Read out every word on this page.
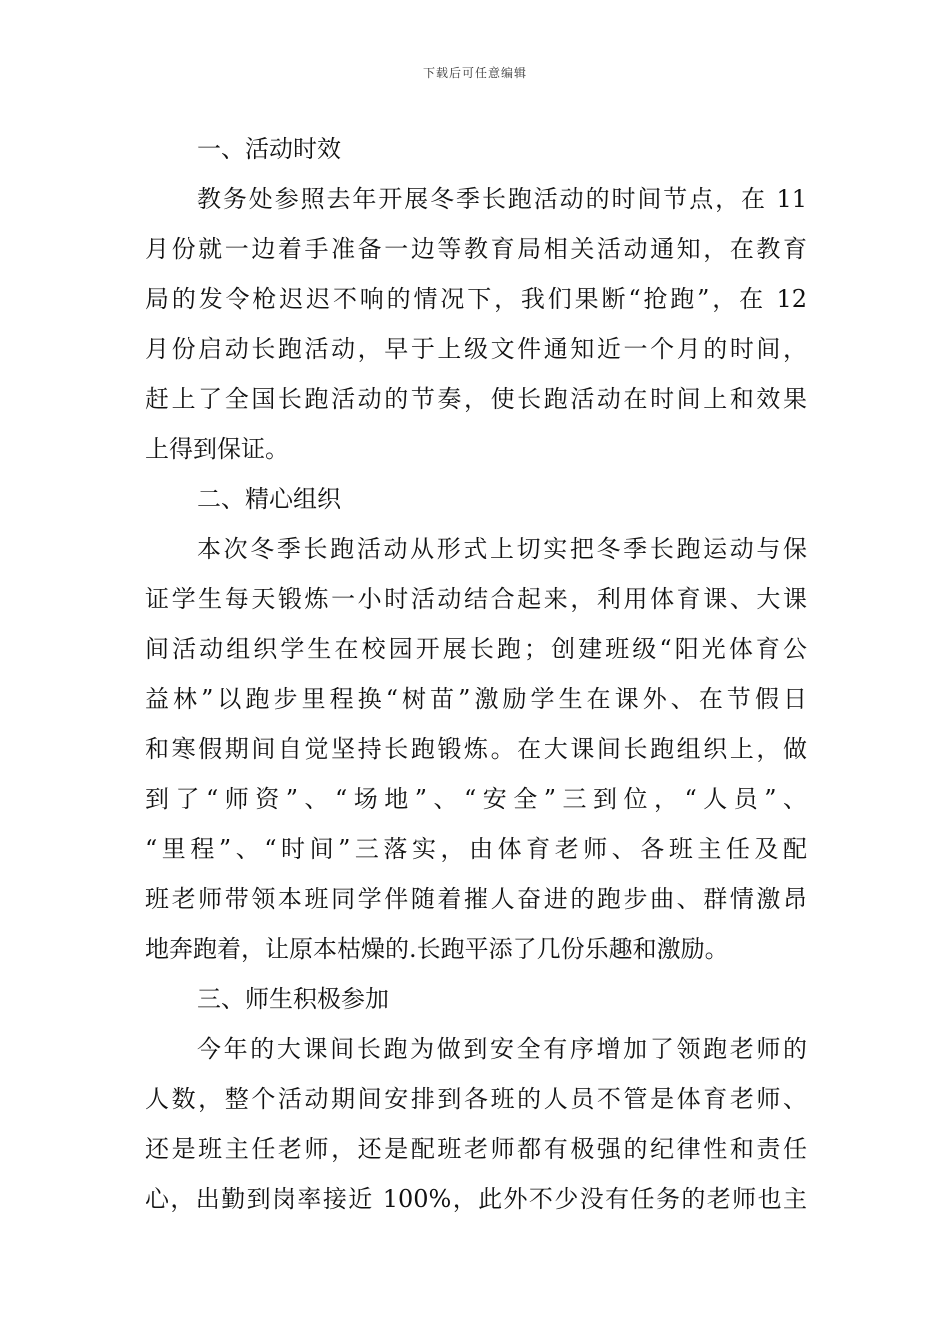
下载后可任意编辑
一、活动时效
教务处参照去年开展冬季长跑活动的时间节点，在 11
月份就一边着手准备一边等教育局相关活动通知，在教育
局的发令枪迟迟不响的情况下，我们果断“抢跑”，在 12
月份启动长跑活动，早于上级文件通知近一个月的时间，
赶上了全国长跑活动的节奏，使长跑活动在时间上和效果
上得到保证。
二、精心组织
本次冬季长跑活动从形式上切实把冬季长跑运动与保
证学生每天锻炼一小时活动结合起来，利用体育课、大课
间活动组织学生在校园开展长跑；创建班级“阳光体育公
益林”以跑步里程换“树苗”激励学生在课外、在节假日
和寒假期间自觉坚持长跑锻炼。在大课间长跑组织上，做
到了“师资”、“场地”、“安全”三到位，“人员”、
“里程”、“时间”三落实，由体育老师、各班主任及配
班老师带领本班同学伴随着摧人奋进的跑步曲、群情激昂
地奔跑着，让原本枯燥的.长跑平添了几份乐趣和激励。
三、师生积极参加
今年的大课间长跑为做到安全有序增加了领跑老师的
人数，整个活动期间安排到各班的人员不管是体育老师、
还是班主任老师，还是配班老师都有极强的纪律性和责任
心，出勤到岗率接近 100%，此外不少没有任务的老师也主
